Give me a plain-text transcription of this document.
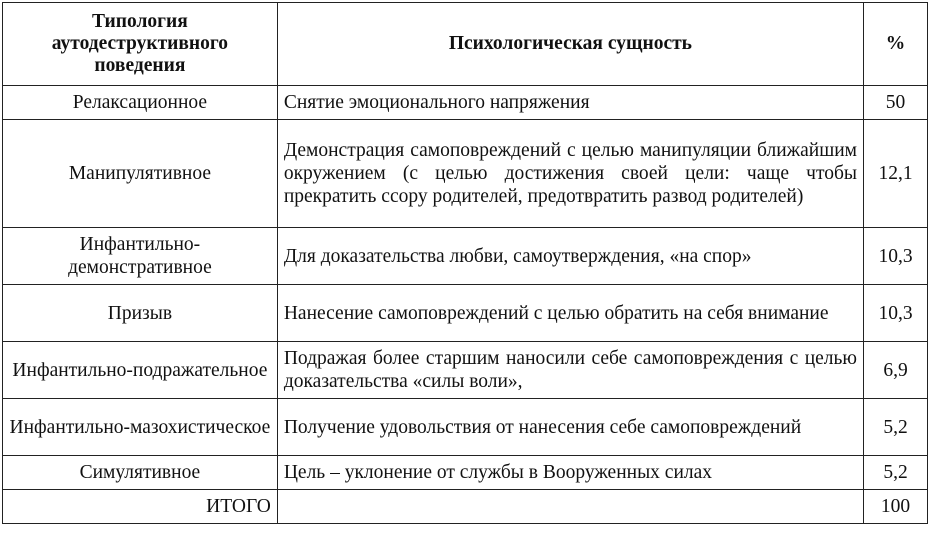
Типология аутодеструктивного поведения	Психологическая сущность	%
Релаксационное	Снятие эмоционального напряжения	50
Манипулятивное	Демонстрация самоповреждений с целью манипуляции ближайшим окружением (с целью достижения своей цели: чаще чтобы прекратить ссору родителей, предотвратить развод родителей)	12,1
Инфантильно-демонстративное	Для доказательства любви, самоутверждения, «на спор»	10,3
Призыв	Нанесение самоповреждений с целью обратить на себя внимание	10,3
Инфантильно-подражательное	Подражая более старшим наносили себе самоповреждения с целью доказательства «силы воли»,	6,9
Инфантильно-мазохистическое	Получение удовольствия от нанесения себе самоповреждений	5,2
Симулятивное	Цель – уклонение от службы в Вооруженных силах	5,2
ИТОГО		100
